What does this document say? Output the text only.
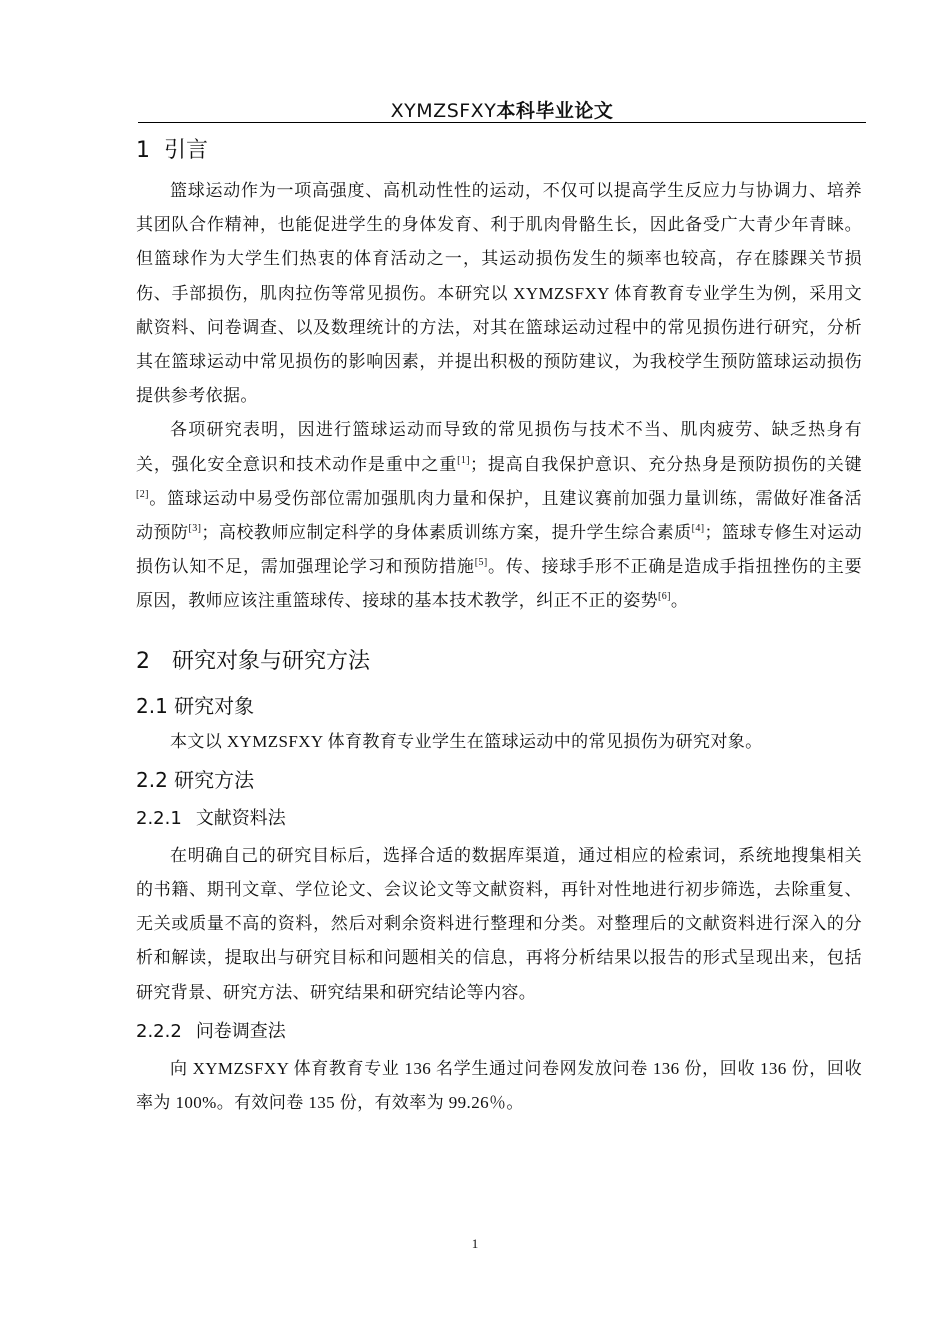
XYMZSFXY本科毕业论文
1 引言

篮球运动作为一项高强度、高机动性性的运动，不仅可以提高学生反应力与协调力、培养其团队合作精神，也能促进学生的身体发育、利于肌肉骨骼生长，因此备受广大青少年青睐。但篮球作为大学生们热衷的体育活动之一，其运动损伤发生的频率也较高，存在膝踝关节损伤、手部损伤，肌肉拉伤等常见损伤。本研究以 XYMZSFXY 体育教育专业学生为例，采用文献资料、问卷调查、以及数理统计的方法，对其在篮球运动过程中的常见损伤进行研究，分析其在篮球运动中常见损伤的影响因素，并提出积极的预防建议，为我校学生预防篮球运动损伤提供参考依据。

各项研究表明，因进行篮球运动而导致的常见损伤与技术不当、肌肉疲劳、缺乏热身有关，强化安全意识和技术动作是重中之重[1]；提高自我保护意识、充分热身是预防损伤的关键[2]。篮球运动中易受伤部位需加强肌肉力量和保护，且建议赛前加强力量训练，需做好准备活动预防[3]；高校教师应制定科学的身体素质训练方案，提升学生综合素质[4]；篮球专修生对运动损伤认知不足，需加强理论学习和预防措施[5]。传、接球手形不正确是造成手指扭挫伤的主要原因，教师应该注重篮球传、接球的基本技术教学，纠正不正的姿势[6]。

2 研究对象与研究方法
2.1 研究对象

本文以 XYMZSFXY 体育教育专业学生在篮球运动中的常见损伤为研究对象。

2.2 研究方法
2.2.1 文献资料法

在明确自己的研究目标后，选择合适的数据库渠道，通过相应的检索词，系统地搜集相关的书籍、期刊文章、学位论文、会议论文等文献资料，再针对性地进行初步筛选，去除重复、无关或质量不高的资料，然后对剩余资料进行整理和分类。对整理后的文献资料进行深入的分析和解读，提取出与研究目标和问题相关的信息，再将分析结果以报告的形式呈现出来，包括研究背景、研究方法、研究结果和研究结论等内容。

2.2.2 问卷调查法

向 XYMZSFXY 体育教育专业 136 名学生通过问卷网发放问卷 136 份，回收 136 份，回收率为 100%。有效问卷 135 份，有效率为 99.26％。

1
